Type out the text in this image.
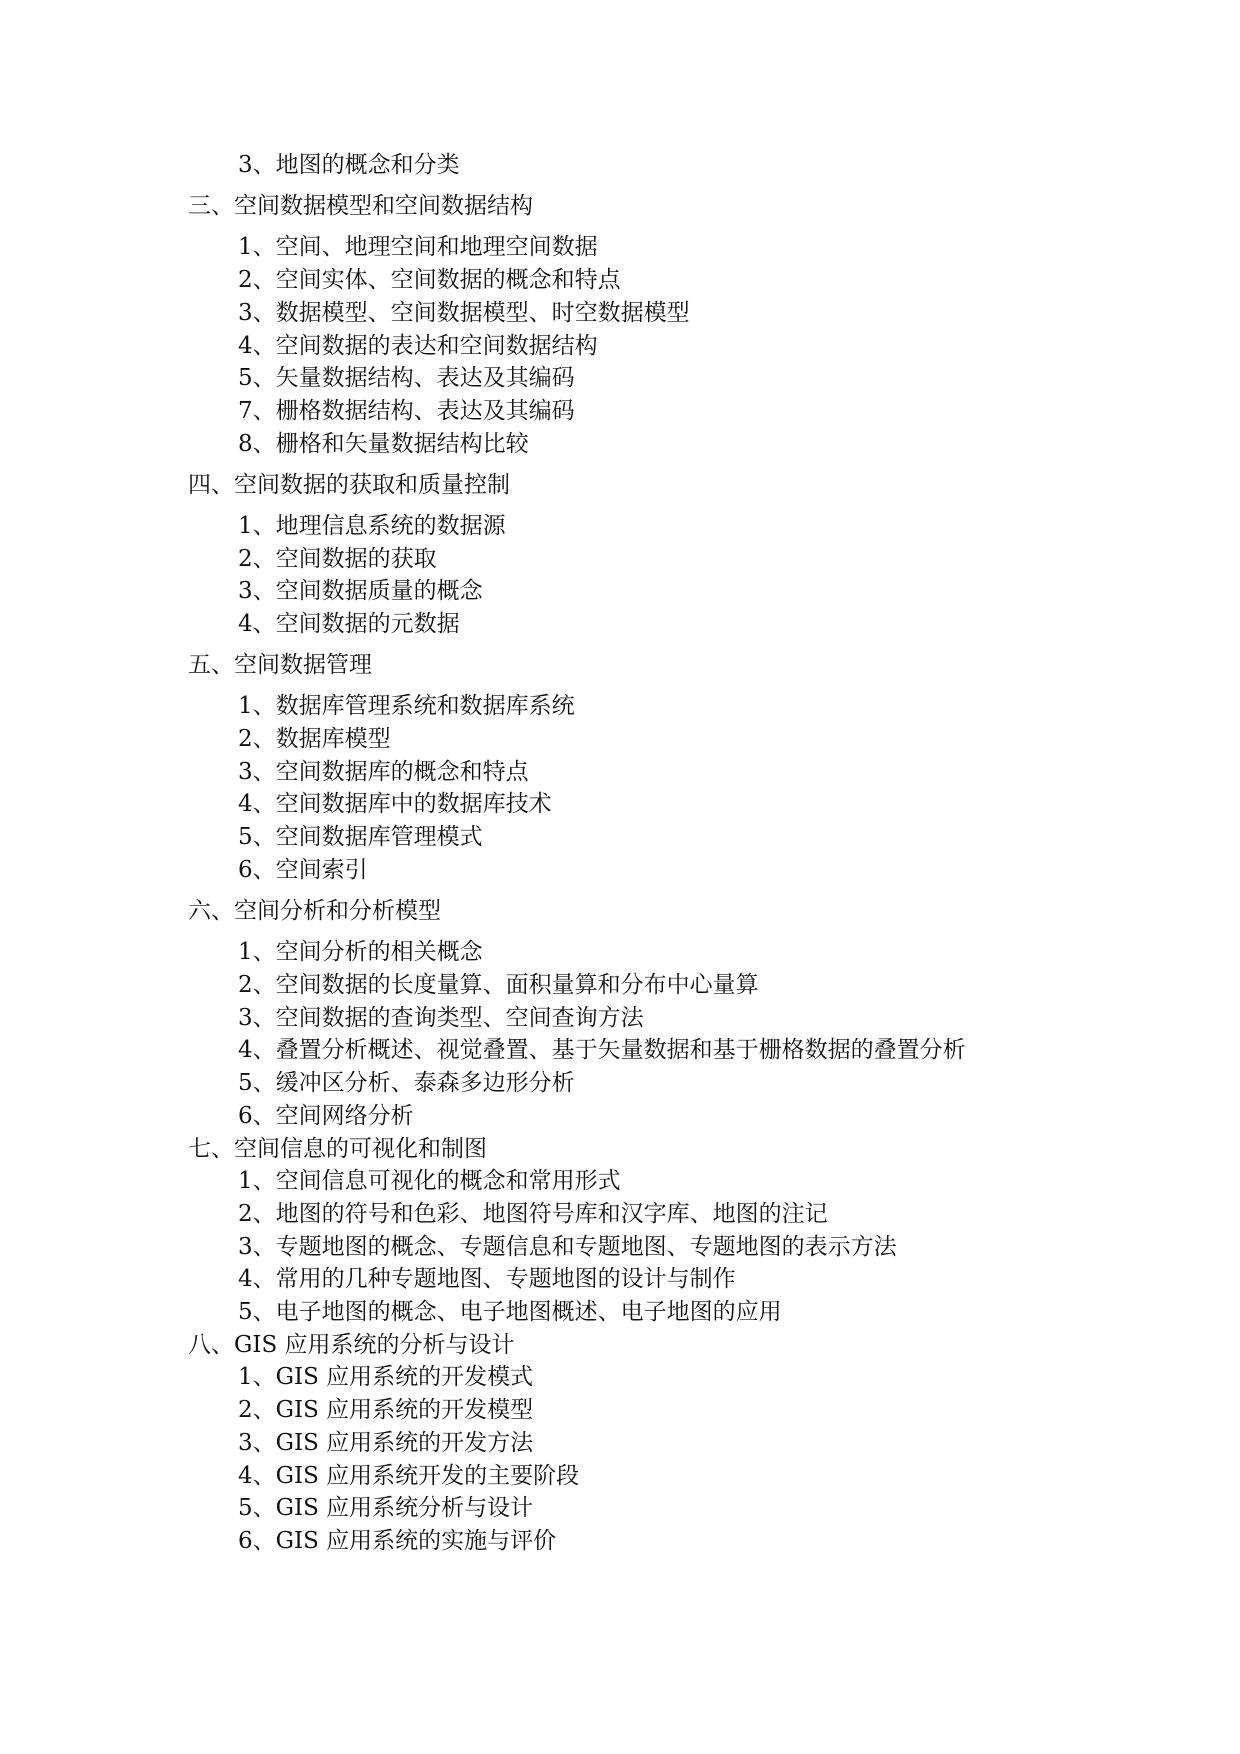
3、地图的概念和分类
三、空间数据模型和空间数据结构
1、空间、地理空间和地理空间数据
2、空间实体、空间数据的概念和特点
3、数据模型、空间数据模型、时空数据模型
4、空间数据的表达和空间数据结构
5、矢量数据结构、表达及其编码
7、栅格数据结构、表达及其编码
8、栅格和矢量数据结构比较
四、空间数据的获取和质量控制
1、地理信息系统的数据源
2、空间数据的获取
3、空间数据质量的概念
4、空间数据的元数据
五、空间数据管理
1、数据库管理系统和数据库系统
2、数据库模型
3、空间数据库的概念和特点
4、空间数据库中的数据库技术
5、空间数据库管理模式
6、空间索引
六、空间分析和分析模型
1、空间分析的相关概念
2、空间数据的长度量算、面积量算和分布中心量算
3、空间数据的查询类型、空间查询方法
4、叠置分析概述、视觉叠置、基于矢量数据和基于栅格数据的叠置分析
5、缓冲区分析、泰森多边形分析
6、空间网络分析
七、空间信息的可视化和制图
1、空间信息可视化的概念和常用形式
2、地图的符号和色彩、地图符号库和汉字库、地图的注记
3、专题地图的概念、专题信息和专题地图、专题地图的表示方法
4、常用的几种专题地图、专题地图的设计与制作
5、电子地图的概念、电子地图概述、电子地图的应用
八、GIS 应用系统的分析与设计
1、GIS 应用系统的开发模式
2、GIS 应用系统的开发模型
3、GIS 应用系统的开发方法
4、GIS 应用系统开发的主要阶段
5、GIS 应用系统分析与设计
6、GIS 应用系统的实施与评价
